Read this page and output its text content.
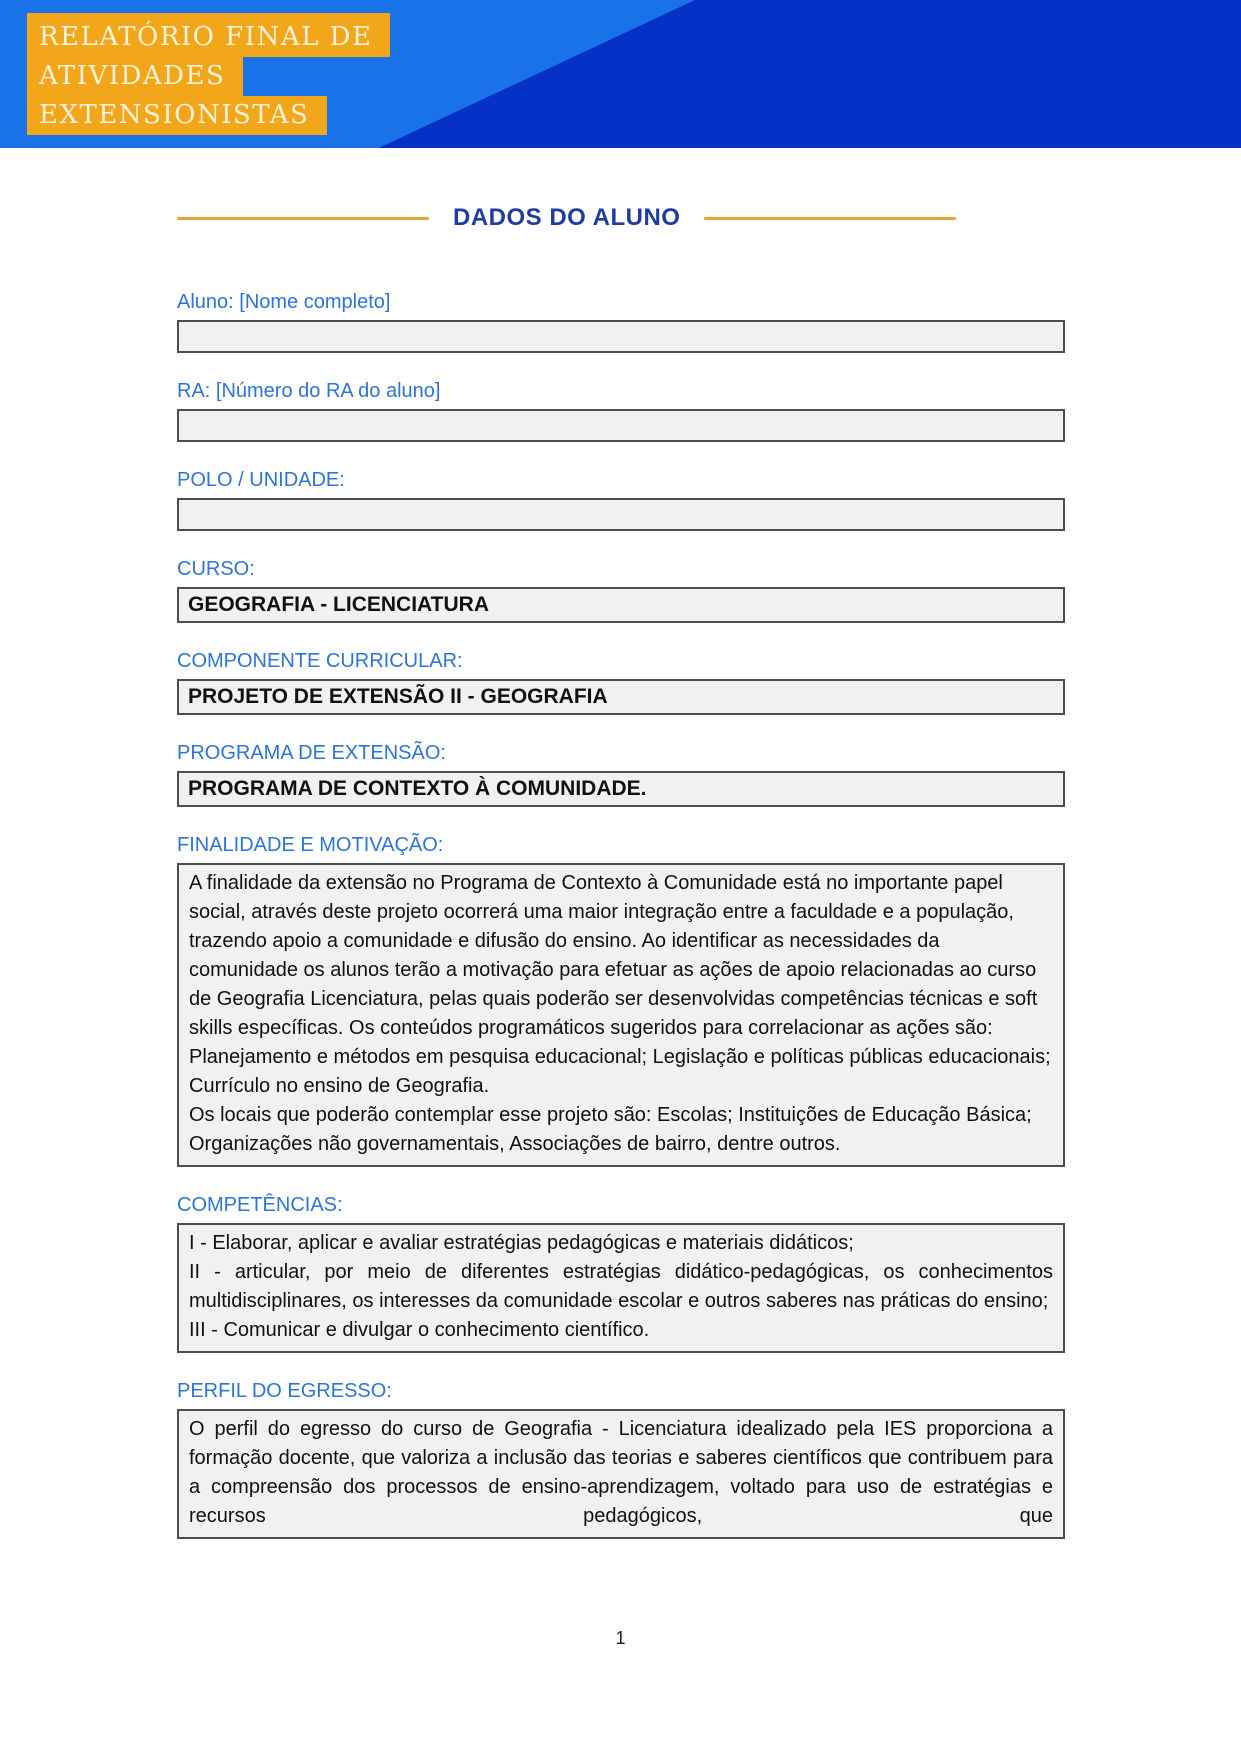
RELATÓRIO FINAL DE
ATIVIDADES
EXTENSIONISTAS
DADOS DO ALUNO
Aluno: [Nome completo]
RA: [Número do RA do aluno]
POLO / UNIDADE:
CURSO:
GEOGRAFIA - LICENCIATURA
COMPONENTE CURRICULAR:
PROJETO DE EXTENSÃO II - GEOGRAFIA
PROGRAMA DE EXTENSÃO:
PROGRAMA DE CONTEXTO À COMUNIDADE.
FINALIDADE E MOTIVAÇÃO:

A finalidade da extensão no Programa de Contexto à Comunidade está no importante papel social, através deste projeto ocorrerá uma maior integração entre a faculdade e a população, trazendo apoio a comunidade e difusão do ensino. Ao identificar as necessidades da comunidade os alunos terão a motivação para efetuar as ações de apoio relacionadas ao curso de Geografia Licenciatura, pelas quais poderão ser desenvolvidas competências técnicas e soft skills específicas. Os conteúdos programáticos sugeridos para correlacionar as ações são: Planejamento e métodos em pesquisa educacional; Legislação e políticas públicas educacionais; Currículo no ensino de Geografia.

Os locais que poderão contemplar esse projeto são: Escolas; Instituições de Educação Básica; Organizações não governamentais, Associações de bairro, dentre outros.

COMPETÊNCIAS:

I - Elaborar, aplicar e avaliar estratégias pedagógicas e materiais didáticos;

II - articular, por meio de diferentes estratégias didático-pedagógicas, os conhecimentos multidisciplinares, os interesses da comunidade escolar e outros saberes nas práticas do ensino;

III - Comunicar e divulgar o conhecimento científico.

PERFIL DO EGRESSO:

O perfil do egresso do curso de Geografia - Licenciatura idealizado pela IES proporciona a formação docente, que valoriza a inclusão das teorias e saberes científicos que contribuem para a compreensão dos processos de ensino-aprendizagem, voltado para uso de estratégias e recursos pedagógicos, que

1
